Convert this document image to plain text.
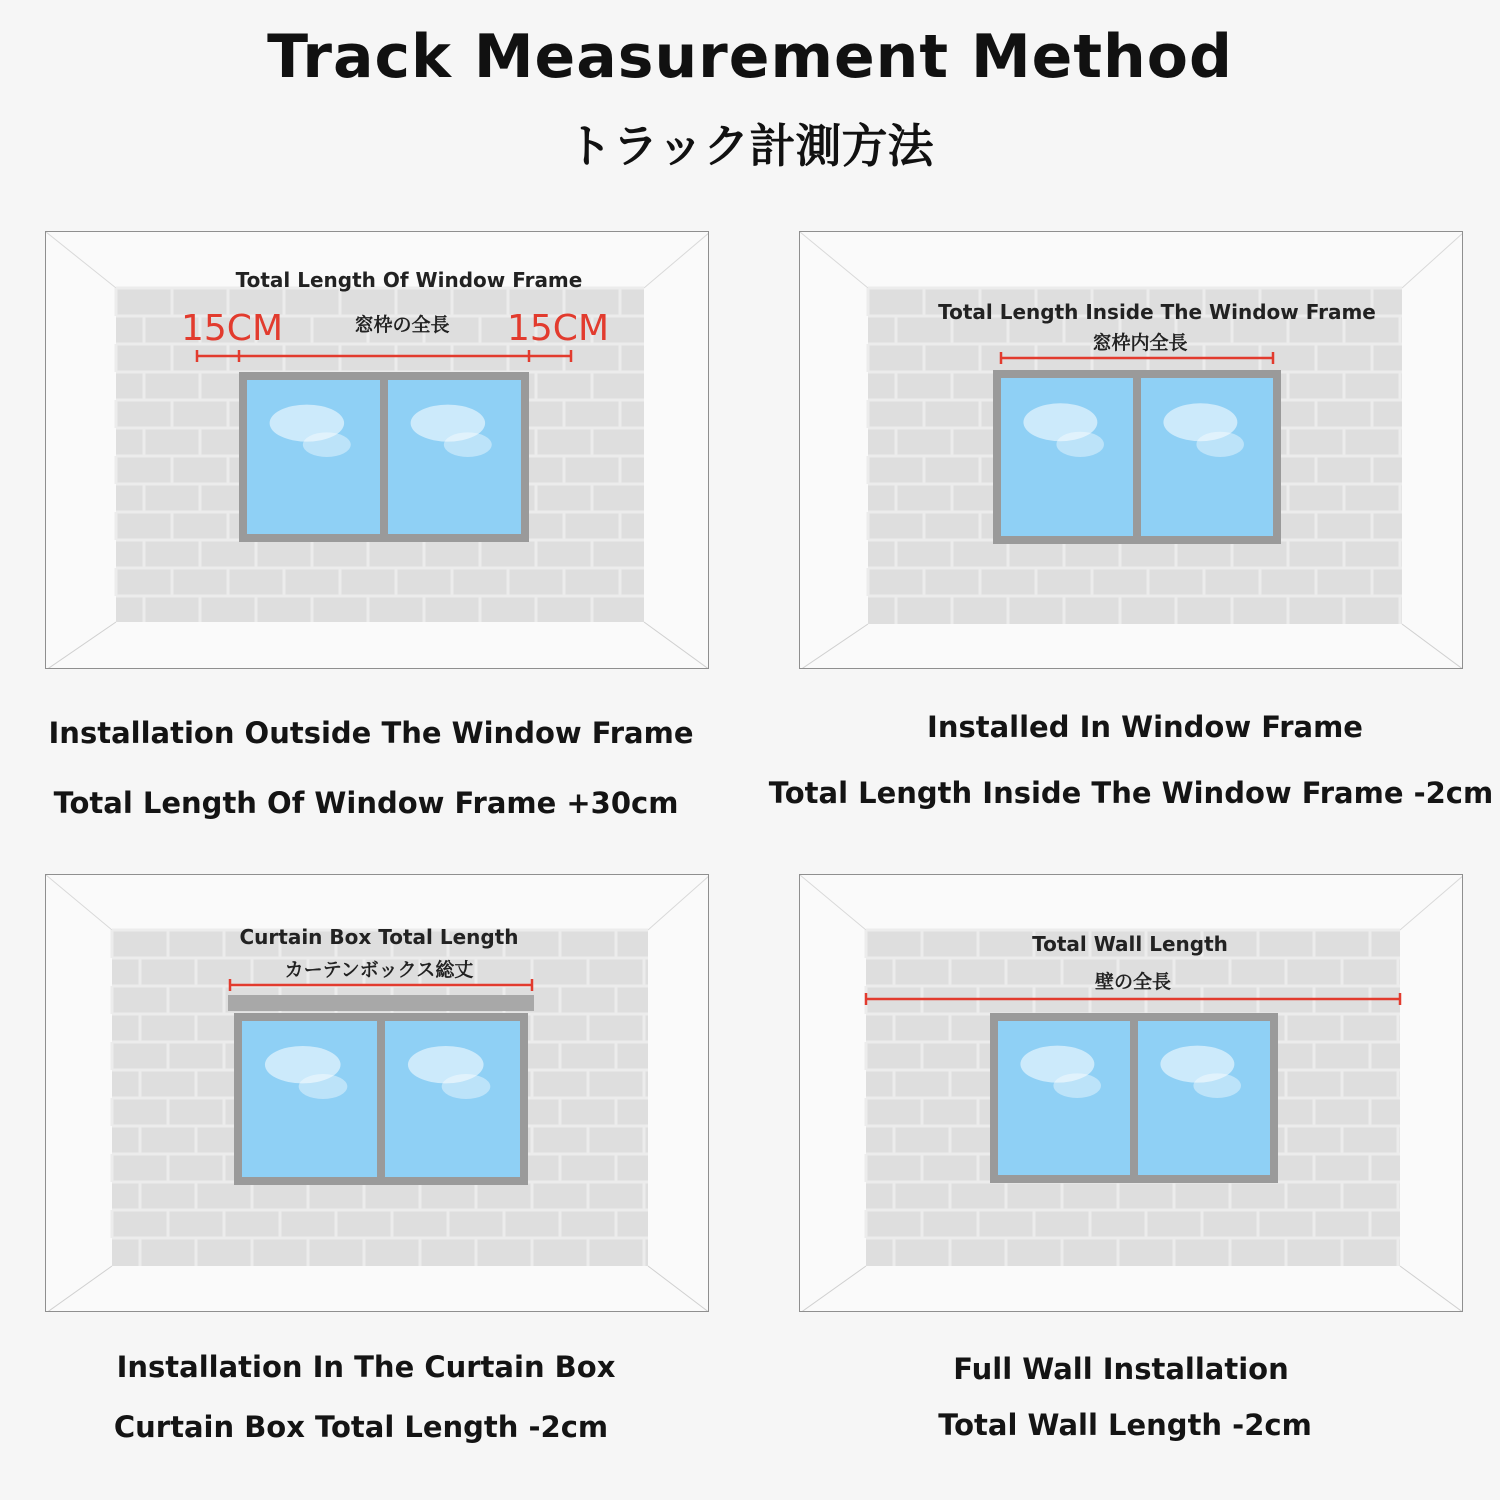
Track Measurement Method
トラック計測方法
Total Length Of Window Frame
窓枠の全長
15CM	15CM	Total Length Inside The Window Frame
窓枠内全長
Curtain Box Total Length
カーテンボックス総丈
Total Wall Length
壁の全長
Installation Outside The Window Frame
Total Length Of Window Frame +30cm
Installed In Window Frame
Total Length Inside The Window Frame -2cm
Installation In The Curtain Box
Curtain Box Total Length -2cm
Full Wall Installation
Total Wall Length -2cm
